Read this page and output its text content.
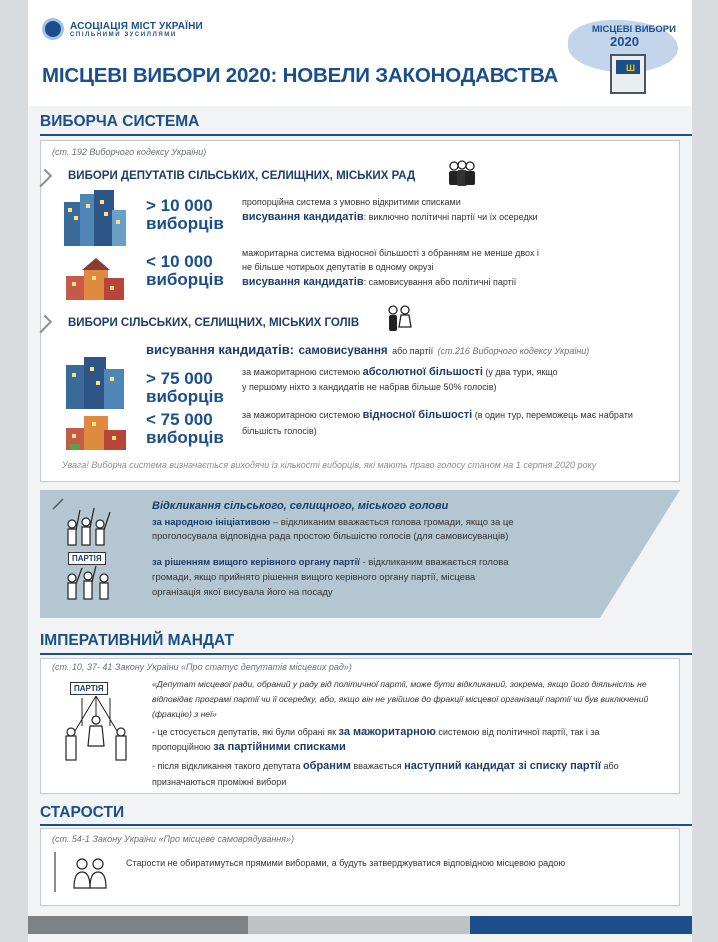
АСОЦІАЦІЯ МІСТ УКРАЇНИ
СПІЛЬНИМИ ЗУСИЛЛЯМИ
МІСЦЕВІ ВИБОРИ 2020: НОВЕЛИ ЗАКОНОДАВСТВА
МІСЦЕВІ ВИБОРИ
2020
Ш
ВИБОРЧА СИСТЕМА
(ст. 192 Виборчого кодексу України)
ВИБОРИ ДЕПУТАТІВ СІЛЬСЬКИХ, СЕЛИЩНИХ, МІСЬКИХ РАД
> 10 000
виборців
пропорційна система з умовно відкритими списками
висування кандидатів: виключно політичні партії чи їх осередки
< 10 000
виборців
мажоритарна система відносної більшості з обранням не менше двох і
не більше чотирьох депутатів в одному окрузі
висування кандидатів: самовисування або політичні партії
ВИБОРИ СІЛЬСЬКИХ, СЕЛИЩНИХ, МІСЬКИХ ГОЛІВ
висування кандидатів: самовисування або партії (ст.216 Виборчого кодексу України)
> 75 000
виборців
за мажоритарною системою абсолютної більшості (у два тури, якщо
у першому ніхто з кандидатів не набрав більше 50% голосів)
< 75 000
виборців
за мажоритарною системою відносної більшості (в один тур, переможець має набрати
більшість голосів)
Увага! Виборча система визначається виходячи із кількості виборців, які мають право голосу станом на 1 серпня 2020 року
Відкликання сільського, селищного, міського голови
за народною ініціативою – відкликаним вважається голова громади, якщо за це
проголосувала відповідна рада простою більшістю голосів (для самовисуванців)
ПАРТІЯ	за рішенням вищого керівного органу партії - відкликаним вважається голова
громади, якщо прийнято рішення вищого керівного органу партії, місцева
організація якої висувала його на посаду
ІМПЕРАТИВНИЙ МАНДАТ
(ст. 10, 37- 41 Закону України «Про статус депутатів місцевих рад»)
ПАРТІЯ	«Депутат місцевої ради, обраний у раду від політичної партії, може бути відкликаний, зокрема, якщо його діяльність не
відповідає програмі партії чи її осередку, або, якщо він не увійшов до фракції місцевої організації партії чи був виключений
(фракцію) з неї»
- це стосується депутатів, які були обрані як за мажоритарною системою від політичної партії, так і за
пропорційною за партійними списками
- після відкликання такого депутата обраним вважається наступний кандидат зі списку партії або
призначаються проміжні вибори
СТАРОСТИ
(ст. 54-1 Закону України «Про місцеве самоврядування»)
Старости не обиратимуться прямими виборами, а будуть затверджуватися відповідною місцевою радою
